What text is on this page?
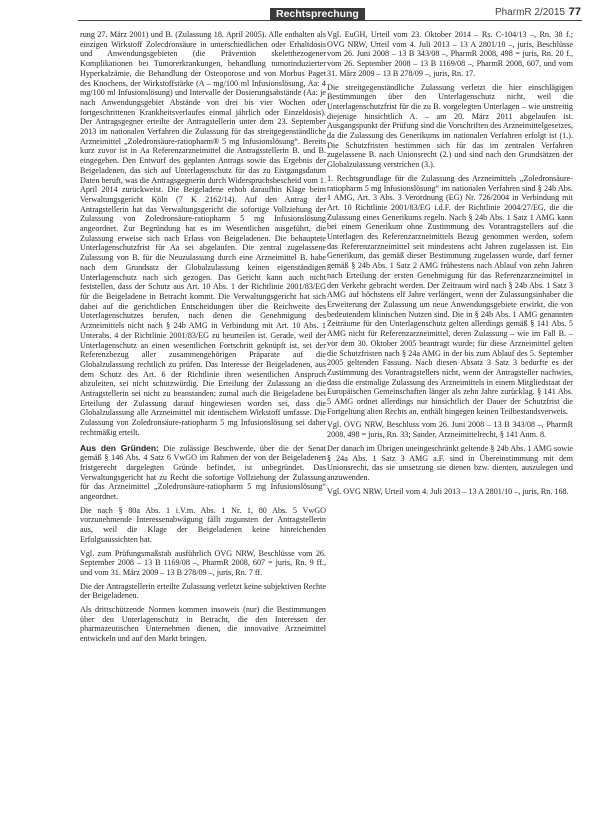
Rechtsprechung	PharmR 2/2015 77

rung 27. März 2001) und B. (Zulassung 18. April 2005). Alle enthalten als einzigen Wirkstoff Zolecdronsäure in unterschiedlichen oder Erhaltdosis und Anwendungsgebieten (die Prävention skeletthezogener Komplikationen bei Tumorerkrankungen, behandlung tumorinduzierter Hyperkalzämie, die Behandlung der Osteoporose und von Morbus Paget des Knochens, der Wirkstoffstärke (A – mg/100 ml Infusionslösung, Aa: 4 mg/100 ml Infusionslösung) und Intervalle der Dosierungsabstände (Aa: je nach Anwendungsgebiet Abstände von drei bis vier Wochen oder fortgeschrittenen Krankheitsverlaufes einmal jährlich oder Einzeldosis). Der Antragsgegner erteilte der Antragstellerin unter dem 23. September 2013 im nationalen Verfahren die Zulassung für das streitgegenständliche Arzneimittel „Zoledronsäure-ratiopharm® 5 mg Infusionslösung“. Bereits kurz zuvor ist in Aa Referenzarzneimittel die Antragsstellerin B. und B. eingegeben. Den Entwurf des geplanten Antrags sowie das Ergebnis der Beigeladenen, das sich auf Unterlagenschutz für das zu Eistgangsdatum Daten beruft, was die Antragsgegnerin durch Widerspruchsbescheid vom 1. April 2014 zurückweist. Die Beigeladene erhob daraufhin Klage beim Verwaltungsgericht Köln (7 K 2162/14). Auf den Antrag der Antragstellerin hat das Verwaltungsgericht die sofortige Vollziehung der Zulassung von Zoledronsäure-ratiopharm 5 mg Infusionslösung angeordnet. Zur Begründung hat es im Wesentlichen ausgeführt, die Zulassung erweise sich nach Erlass von Beigeladenen. Die behauptete Unterlagenschutzfrist für Aa sei abgelaufen. Die zentral zugelassene Zulassung von B. für die Neuzulassung durch eine Arzneimittel B. habe nach dem Grundsatz der Globalzulassung keinen eigenständigen Unterlagenschutz nach sich gezogen. Das Gericht kann auch nicht feststellen, dass der Schutz aus Art. 10 Abs. 1 der Richtlinie 2001/83/EG für die Beigeladene in Betracht kommt. Die Verwaltungsgericht hat sich dabei auf die gerichtlichen Entscheidungen über die Reichweite des Unterlagenschutzes berufen, nach denen die Genehmigung des Arzneimittels nicht nach § 24b AMG in Verbindung mit Art. 10 Abs. 1 Unterabs. 4 der Richtlinie 2001/83/EG zu beurteilen ist. Gerade, weil der Unterlagenschutz an einen wesentlichen Fortschritt geknüpft ist, sei der Referenzbezug aller zusammengehörigen Präparate auf die Globalzulassung rechtlich zu prüfen. Das Interesse der Beigeladenen, aus dem Schutz des Art. 6 der Richtlinie ihren wesentlichen Anspruch abzuleiten, sei nicht schutzwürdig. Die Erteilung der Zulassung an die Antragstellerin sei nicht zu beanstanden; zumal auch die Beigeladene bei Erteilung der Zulassung darauf hingewiesen worden sei, dass die Globalzulassung alle Arzneimittel mit identischem Wirkstoff umfasse. Die Zulassung von Zoledronsäure-ratiopharm 5 mg Infusionslösung sei daher rechtmäßig erteilt.

Aus den Gründen: Die zulässige Beschwerde, über die der Senat gemäß § 146 Abs. 4 Satz 6 VwGO im Rahmen der von der Beigeladenen fristgerecht dargelegten Gründe befindet, ist unbegründet. Das Verwaltungsgericht hat zu Recht die sofortige Vollziehung der Zulassung für das Arzneimittel „Zoledronsäure-ratiopharm 5 mg Infusionslösung“ angeordnet.

Die nach § 80a Abs. 1 i.V.m. Abs. 1 Nr. 1, 80 Abs. 5 VwGO vorzunehmende Interessenabwägung fällt zugunsten der Antragstellerin aus, weil die Klage der Beigeladenen keine hinreichenden Erfolgsaussichten hat.

Vgl. zum Prüfungsmaßstab ausführlich OVG NRW, Beschlüsse vom 26. September 2008 – 13 B 1169/08 –, PharmR 2008, 607 = juris, Rn. 9 ff., und vom 31. März 2009 – 13 B 278/09 –, juris, Rn. 7 ff.

Die der Antragstellerin erteilte Zulassung verletzt keine subjektiven Rechte der Beigeladenen.

Als drittschützende Normen kommen insoweis (nur) die Bestimmungen über den Unterlagenschutz in Betracht, die den Interessen der pharmazeutischen Unternehmen dienen, die innovative Arzneimittel entwickeln und auf den Markt bringen.

Vgl. EuGH, Urteil vom 23. Oktober 2014 – Rs. C-104/13 –, Rn. 38 f.; OVG NRW, Urteil vom 4. Juli 2013 – 13 A 2801/10 –, juris, Beschlüsse vom 26. Juni 2008 – 13 B 343/08 –, PharmR 2008, 498 = juris, Rn. 20 f., vom 26. September 2008 – 13 B 1169/08 –, PharmR 2008, 607, und vom 31. März 2009 – 13 B 278/09 –, juris, Rn. 17.

Die streitgegenständliche Zulassung verletzt die hier einschlägigen Bestimmungen über den Unterlagenschutz nicht, weil die Unterlagenschutzfrist für die zu B. vorgelegten Unterlagen – wie unstreitig diejenige hinsichtlich A. – am 20. März 2011 abgelaufen ist. Ausgangspunkt der Prüfung sind die Vorschriften des Arzneimittelgesetzes, da die Zulassung des Generikums im nationalen Verfahren erfolgt ist (1.). Die Schutzfristen bestimmen sich für das im zentralen Verfahren zugelassene B. nach Unionsrecht (2.) und sind nach den Grundsätzen der Globalzulassung verstrichen (3.).

1. Rechtsgrundlage für die Zulassung des Arzneimittels „Zoledronsäure-ratiopharm 5 mg Infusionslösung“ im nationalen Verfahren sind § 24b Abs. 1 AMG, Art. 3 Abs. 3 Verordnung (EG) Nr. 726/2004 in Verbindung mit Art. 10 Richtlinie 2001/83/EG i.d.F. der Richtlinie 2004/27/EG, die die Zulassung eines Generikums regeln. Nach § 24b Abs. 1 Satz 1 AMG kann bei einem Generikum ohne Zustimmung des Vorantragstellers auf die Unterlagen des Referenzarzneimittels Bezug genommen werden, sofern das Referenzarzneimittel seit mindestens acht Jahren zugelassen ist. Ein Generikum, das gemäß dieser Bestimmung zugelassen wurde, darf ferner gemäß § 24b Abs. 1 Satz 2 AMG frühestens nach Ablauf von zehn Jahren nach Erteilung der ersten Genehmigung für das Referenzarzneimittel in den Verkehr gebracht werden. Der Zeitraum wird nach § 24b Abs. 1 Satz 3 AMG auf höchstens elf Jahre verlängert, wenn der Zulassungsinhaber die Erweiterung der Zulassung um neue Anwendungsgebiete erwirkt, die von bedeutendem klinischen Nutzen sind. Die in § 24b Abs. 1 AMG genannten Zeiträume für den Unterlagenschutz gelten allerdings gemäß § 141 Abs. 5 AMG nicht für Referenzarzneimittel, deren Zulassung – wie im Fall B. – vor dem 30. Oktober 2005 beantragt wurde; für diese Arzneimittel gelten die Schutzfristen nach § 24a AMG in der bis zum Ablauf des 5. September 2005 geltenden Fassung. Nach diesen Absatz 3 Satz 3 bedurfte es der Zustimmung des Vorantragstellers nicht, wenn der Antragsteller nachwies, dass die erstmalige Zulassung des Arzneimittels in einem Mitgliedstaat der Europäischen Gemeinschaften länger als zehn Jahre zurücklag. § 141 Abs. 5 AMG ordnet allerdings nur hinsichtlich der Dauer der Schutzfrist die Fortgeltung alten Rechts an, enthält hingegen keinen Teilbestandsverweis.

Vgl. OVG NRW, Beschluss vom 26. Juni 2008 – 13 B 343/08 –, PharmR 2008, 498 = juris, Rn. 33; Sander, Arzneimittelrecht, § 141 Anm. 8.

Der danach im Übrigen uneingeschränkt geltende § 24b Abs. 1 AMG sowie § 24a Abs. 1 Satz 3 AMG a.F. sind in Übereinstimmung mit dem Unionsrecht, das sie umsetzung sie dienen bzw. dienten, auszulegen und anzuwenden.

Vgl. OVG NRW, Urteil vom 4. Juli 2013 – 13 A 2801/10 –, juris, Rn. 168.
